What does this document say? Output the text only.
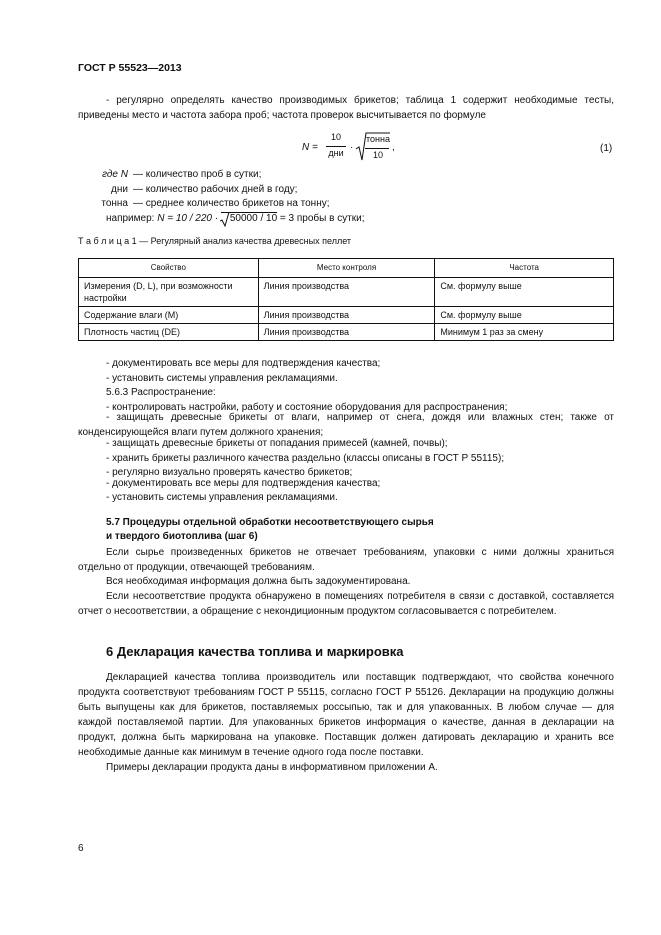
ГОСТ Р 55523—2013
- регулярно определять качество производимых брикетов; таблица 1 содержит необходимые тесты, приведены место и частота забора проб; частота проверок высчитывается по формуле
N =
10
дни ·
тонна
10
,	(1)
где N — количество проб в сутки;
дни — количество рабочих дней в году;
тонна — среднее количество брикетов на тонну;
например: N = 10 / 220 · 50000 / 10 = 3 пробы в сутки;
Т а б л и ц а 1 — Регулярный анализ качества древесных пеллет
Свойство	Место контроля	Частота
Измерения (D, L), при возможности настройки	Линия производства	См. формулу выше
Содержание влаги (M)	Линия производства	См. формулу выше
Плотность частиц (DE)	Линия производства	Минимум 1 раз за смену
- документировать все меры для подтверждения качества;
- установить системы управления рекламациями.
5.6.3 Распространение:
- контролировать настройки, работу и состояние оборудования для распространения;
- защищать древесные брикеты от влаги, например от снега, дождя или влажных стен; также от конденсирующейся влаги путем должного хранения;
- защищать древесные брикеты от попадания примесей (камней, почвы);
- хранить брикеты различного качества раздельно (классы описаны в ГОСТ Р 55115);
- регулярно визуально проверять качество брикетов;
- документировать все меры для подтверждения качества;
- установить системы управления рекламациями.
5.7 Процедуры отдельной обработки несоответствующего сырья
и твердого биотоплива (шаг 6)
Если сырье произведенных брикетов не отвечает требованиям, упаковки с ними должны храниться отдельно от продукции, отвечающей требованиям.
Вся необходимая информация должна быть задокументирована.
Если несоответствие продукта обнаружено в помещениях потребителя в связи с доставкой, составляется отчет о несоответствии, а обращение с некондиционным продуктом согласовывается с потребителем.
6 Декларация качества топлива и маркировка
Декларацией качества топлива производитель или поставщик подтверждают, что свойства конечного продукта соответствуют требованиям ГОСТ Р 55115, согласно ГОСТ Р 55126. Декларации на продукцию должны быть выпущены как для брикетов, поставляемых россыпью, так и для упакованных. В любом случае — для каждой поставляемой партии. Для упакованных брикетов информация о качестве, данная в декларации на продукт, должна быть маркирована на упаковке. Поставщик должен датировать декларацию и хранить все необходимые данные как минимум в течение одного года после поставки.
Примеры декларации продукта даны в информативном приложении А.
6
